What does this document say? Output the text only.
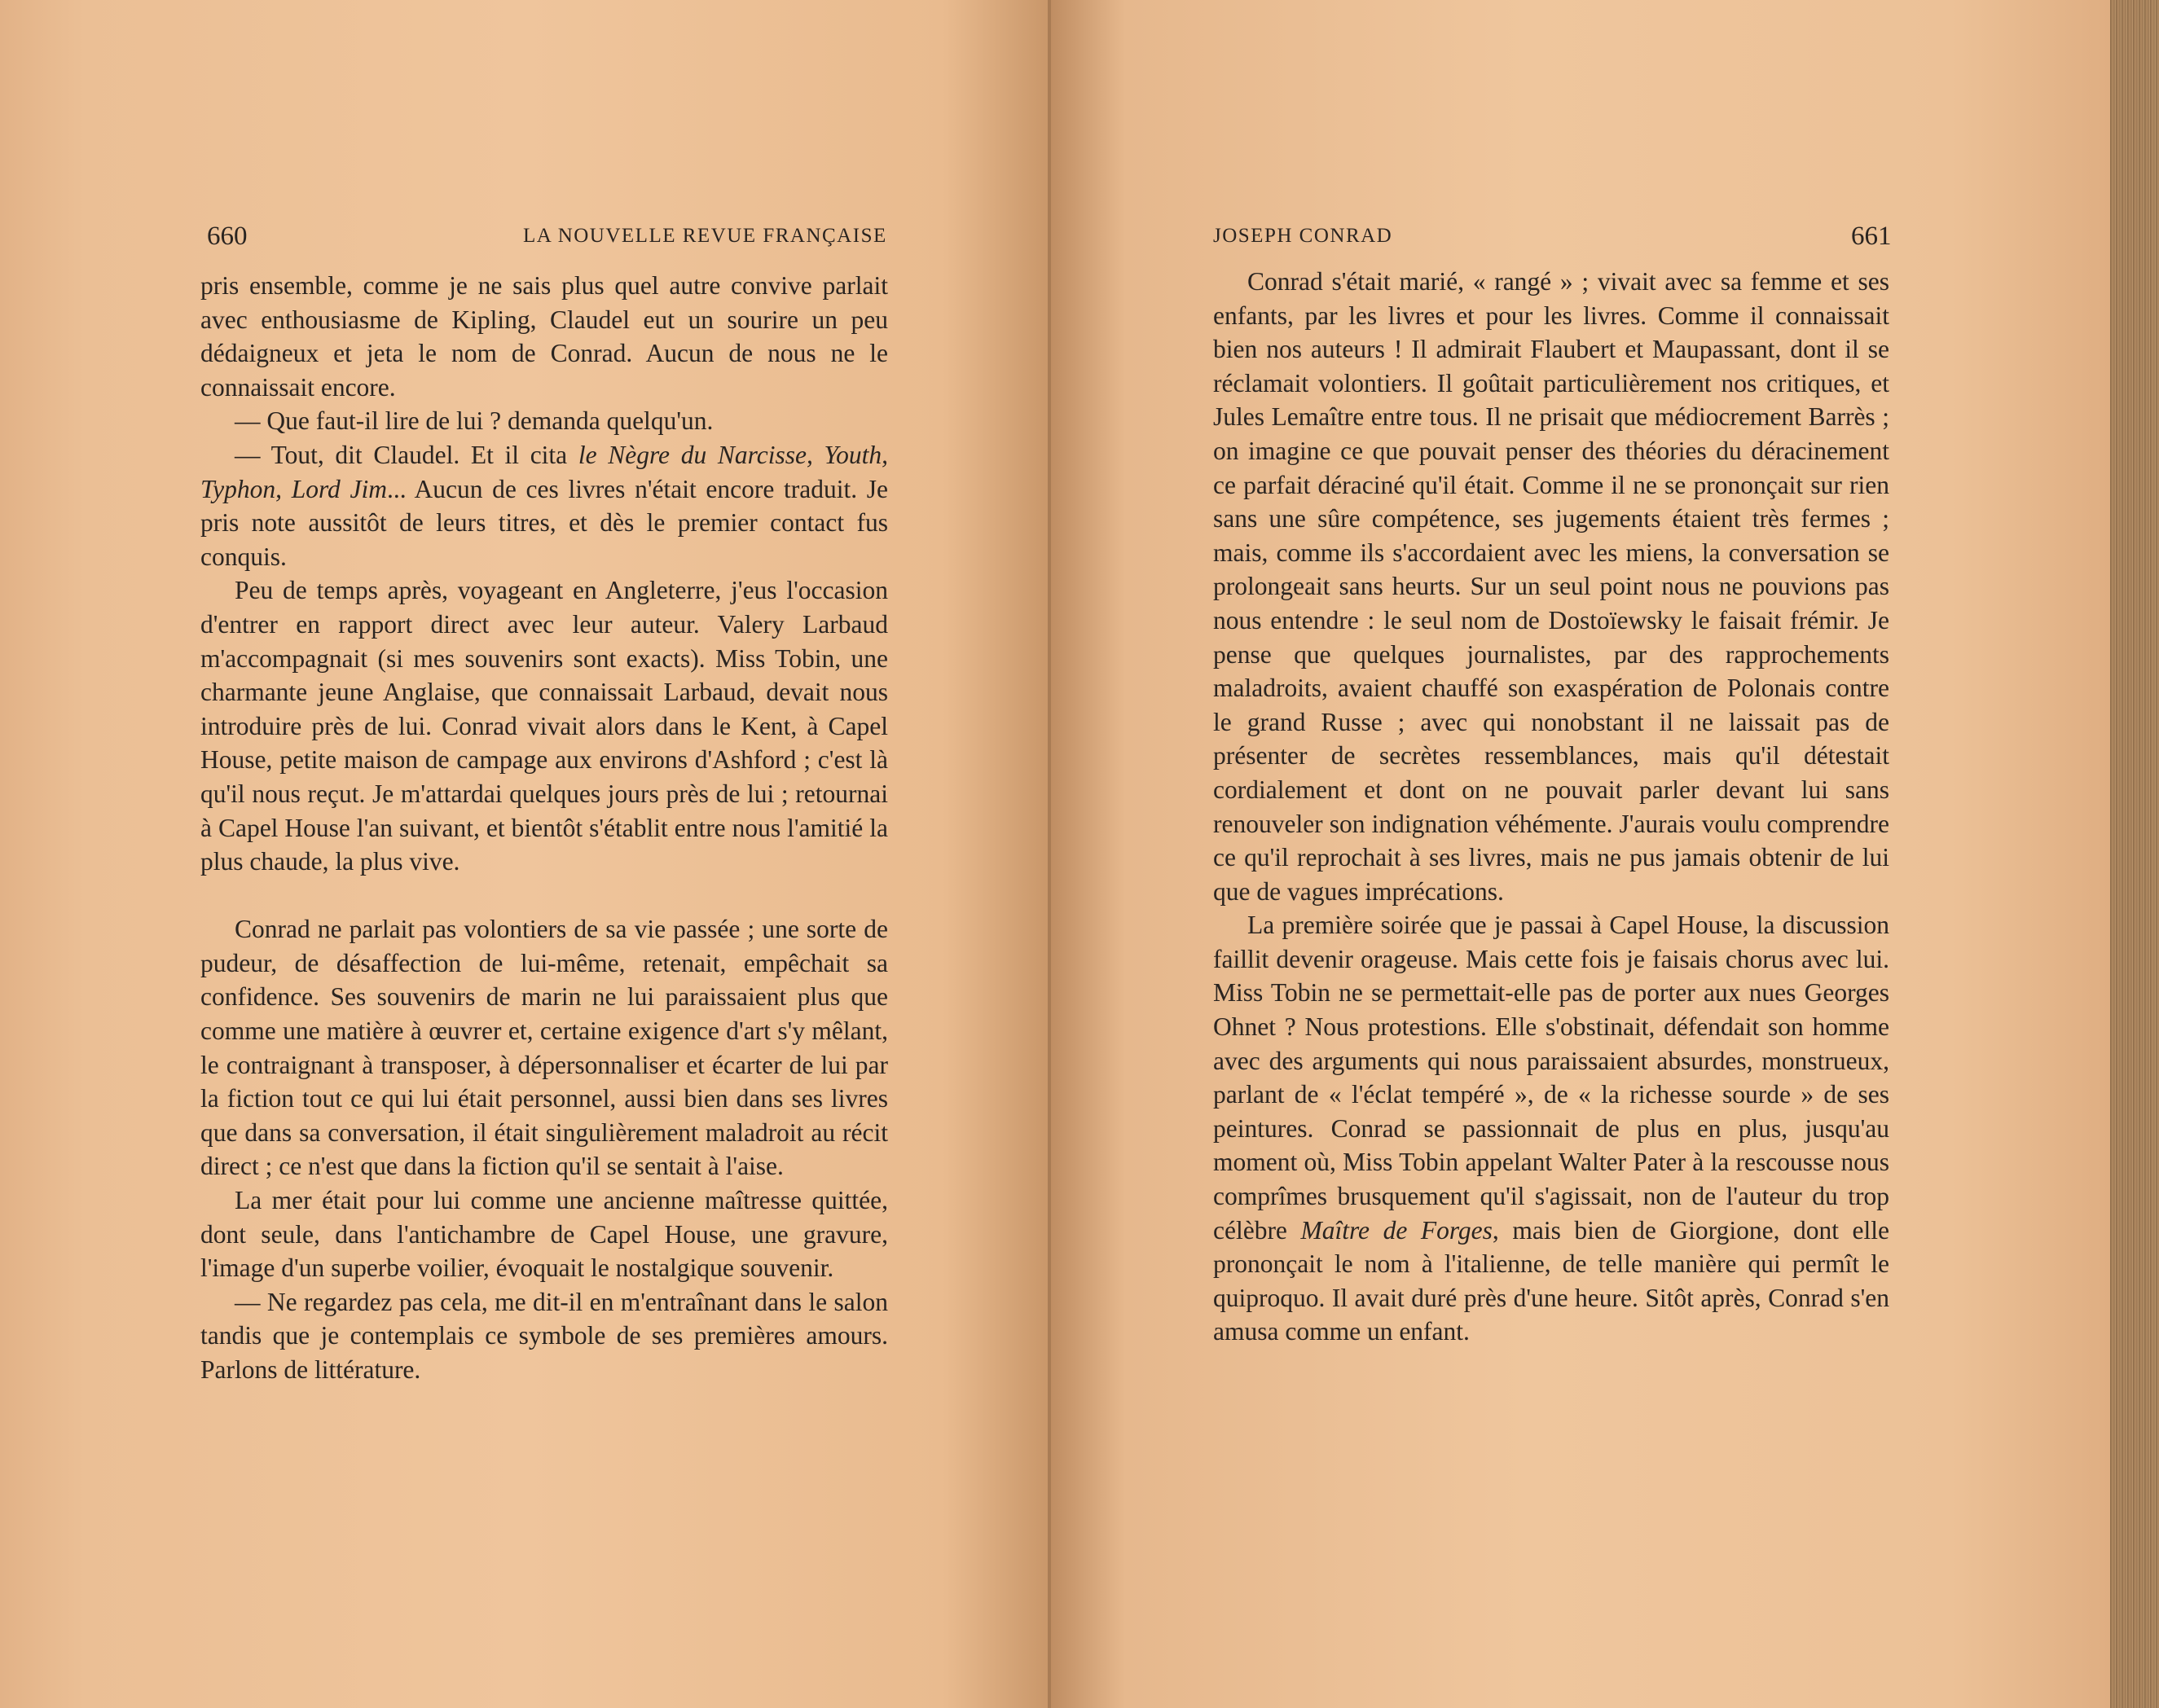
660	LA NOUVELLE REVUE FRANÇAISE

pris ensemble, comme je ne sais plus quel autre convive parlait avec enthousiasme de Kipling, Claudel eut un sourire un peu dédaigneux et jeta le nom de Conrad. Aucun de nous ne le connaissait encore.

— Que faut-il lire de lui ? demanda quelqu'un.

— Tout, dit Claudel. Et il cita le Nègre du Narcisse, Youth, Typhon, Lord Jim... Aucun de ces livres n'était encore traduit. Je pris note aussitôt de leurs titres, et dès le premier contact fus conquis.

Peu de temps après, voyageant en Angleterre, j'eus l'occasion d'entrer en rapport direct avec leur auteur. Valery Larbaud m'accompagnait (si mes souvenirs sont exacts). Miss Tobin, une charmante jeune Anglaise, que connaissait Larbaud, devait nous introduire près de lui. Conrad vivait alors dans le Kent, à Capel House, petite maison de campage aux environs d'Ashford ; c'est là qu'il nous reçut. Je m'attardai quelques jours près de lui ; retournai à Capel House l'an suivant, et bientôt s'établit entre nous l'amitié la plus chaude, la plus vive.

Conrad ne parlait pas volontiers de sa vie passée ; une sorte de pudeur, de désaffection de lui-même, retenait, empêchait sa confidence. Ses souvenirs de marin ne lui paraissaient plus que comme une matière à œuvrer et, certaine exigence d'art s'y mêlant, le contraignant à transposer, à dépersonnaliser et écarter de lui par la fiction tout ce qui lui était personnel, aussi bien dans ses livres que dans sa conversation, il était singulièrement maladroit au récit direct ; ce n'est que dans la fiction qu'il se sentait à l'aise.

La mer était pour lui comme une ancienne maîtresse quittée, dont seule, dans l'antichambre de Capel House, une gravure, l'image d'un superbe voilier, évoquait le nostalgique souvenir.

— Ne regardez pas cela, me dit-il en m'entraînant dans le salon tandis que je contemplais ce symbole de ses premières amours. Parlons de littérature.

JOSEPH CONRAD	661

Conrad s'était marié, « rangé » ; vivait avec sa femme et ses enfants, par les livres et pour les livres. Comme il connaissait bien nos auteurs ! Il admirait Flaubert et Maupassant, dont il se réclamait volontiers. Il goûtait particulièrement nos critiques, et Jules Lemaître entre tous. Il ne prisait que médiocrement Barrès ; on imagine ce que pouvait penser des théories du déracinement ce parfait déraciné qu'il était. Comme il ne se prononçait sur rien sans une sûre compétence, ses jugements étaient très fermes ; mais, comme ils s'accordaient avec les miens, la conversation se prolongeait sans heurts. Sur un seul point nous ne pouvions pas nous entendre : le seul nom de Dostoïewsky le faisait frémir. Je pense que quelques journalistes, par des rapprochements maladroits, avaient chauffé son exaspération de Polonais contre le grand Russe ; avec qui nonobstant il ne laissait pas de présenter de secrètes ressemblances, mais qu'il détestait cordialement et dont on ne pouvait parler devant lui sans renouveler son indignation véhémente. J'aurais voulu comprendre ce qu'il reprochait à ses livres, mais ne pus jamais obtenir de lui que de vagues imprécations.

La première soirée que je passai à Capel House, la discussion faillit devenir orageuse. Mais cette fois je faisais chorus avec lui. Miss Tobin ne se permettait-elle pas de porter aux nues Georges Ohnet ? Nous protestions. Elle s'obstinait, défendait son homme avec des arguments qui nous paraissaient absurdes, monstrueux, parlant de « l'éclat tempéré », de « la richesse sourde » de ses peintures. Conrad se passionnait de plus en plus, jusqu'au moment où, Miss Tobin appelant Walter Pater à la rescousse nous comprîmes brusquement qu'il s'agissait, non de l'auteur du trop célèbre Maître de Forges, mais bien de Giorgione, dont elle prononçait le nom à l'italienne, de telle manière qui permît le quiproquo. Il avait duré près d'une heure. Sitôt après, Conrad s'en amusa comme un enfant.
